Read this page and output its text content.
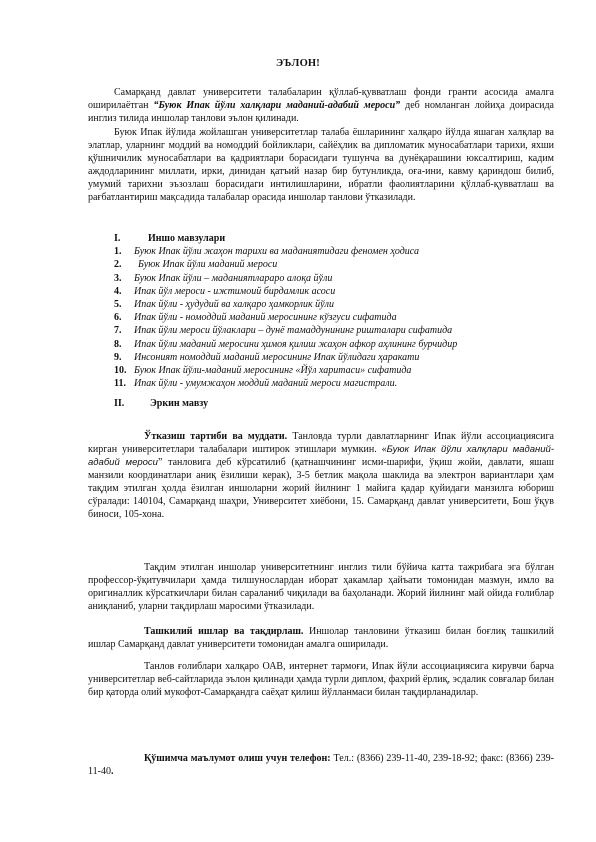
ЭЪЛОН!

Самарқанд давлат университети талабаларин қўллаб-қувватлаш фонди гранти асосида амалга оширилаётган “Буюк Ипак йўли халқлари маданий-адабий мероси” деб номланган лойиҳа доирасида инглиз тилида иншолар танлови эълон қилинади.

Буюк Ипак йўлида жойлашган университетлар талаба ёшларининг халқаро йўлда яшаган халқлар ва элатлар, уларнинг моддий ва номоддий бойликлари, сайёҳлик ва дипломатик муносабатлари тарихи, яхши қўшничилик муносабатлари ва қадриятлари борасидаги тушунча ва дунёқарашини юксалтириш, кадим аждодларининг миллати, ирки, динидан қатъий назар бир бутунликда, оға-ини, кавму қариндош билиб, умумий тарихни эъзозлаш борасидаги интилишларини, ибратли фаолиятларини қўллаб-қувватлаш ва рағбатлантириш мақсадида талабалар орасида иншолар танлови ўтказилади.

I.	Иншо мавзулари
1. Буюк Ипак йўли жаҳон тарихи ва маданиятидаги феномен ҳодиса
2. Буюк Ипак йўли маданий мероси
3. Буюк Ипак йўли – маданиятлараро алоқа йўли
4. Ипак йўл мероси - ижтимоий бирдамлик асоси
5. Ипак йўли - ҳудудий ва халқаро ҳамкорлик йўли
6. Ипак йўли - номоддий маданий меросининг кўзгуси сифатида
7. Ипак йўли мероси йўлаклари – дунё тамаддунининг ришталари сифатида
8. Ипак йўли маданий меросини ҳимоя қилиш жаҳон афкор аҳлининг бурчидир
9. Инсоният номоддий маданий меросининг Ипак йўлидаги ҳаракати
10. Буюк Ипак йўли-маданий меросининг «Йўл харитаси» сифатида
11. Ипак йўли - умумжаҳон моддий маданий мероси магистрали.
II.	Эркин мавзу

Ўтказиш тартиби ва муддати. Танловда турли давлатларнинг Ипак йўли ассоциациясига кирган университетлари талабалари иштирок этишлари мумкин. «Буюк Ипак йўли халқлари маданий-адабий мероси” танловига деб кўрсатилиб (қатнашчининг исми-шарифи, ўқиш жойи, давлати, яшаш манзили координатлари аниқ ёзилиши керак), 3-5 бетлик мақола шаклида ва электрон вариантлари ҳам тақдим этилган ҳолда ёзилган иншоларни жорий йилнинг 1 майига қадар қуйидаги манзилга юбориш сўралади: 140104, Самарқанд шаҳри, Университет хиёбони, 15. Самарқанд давлат университети, Бош ўқув биноси, 105-хона.

Тақдим этилган иншолар университетнинг инглиз тили бўйича катта тажрибага эга бўлган профессор-ўқитувчилари ҳамда тилшунослардан иборат ҳакамлар ҳайъати томонидан мазмун, имло ва оригиналлик кўрсаткичлари билан сараланиб чиқилади ва баҳоланади. Жорий йилнинг май ойида ғолиблар аниқланиб, уларни тақдирлаш маросими ўтказилади.

Ташкилий ишлар ва тақдирлаш. Иншолар танловини ўтказиш билан боғлиқ ташкилий ишлар Самарқанд давлат университети томонидан амалга оширилади.

Танлов ғолиблари халқаро ОАВ, интернет тармоғи, Ипак йўли ассоциациясига кирувчи барча университетлар веб-сайтларида эълон қилинади ҳамда турли диплом, фахрий ёрлиқ, эсдалик совғалар билан бир қаторда олий мукофот-Самарқандга саёҳат қилиш йўлланмаси билан тақдирланадилар.

Қўшимча маълумот олиш учун телефон: Тел.: (8366) 239-11-40, 239-18-92; факс: (8366) 239-11-40.
